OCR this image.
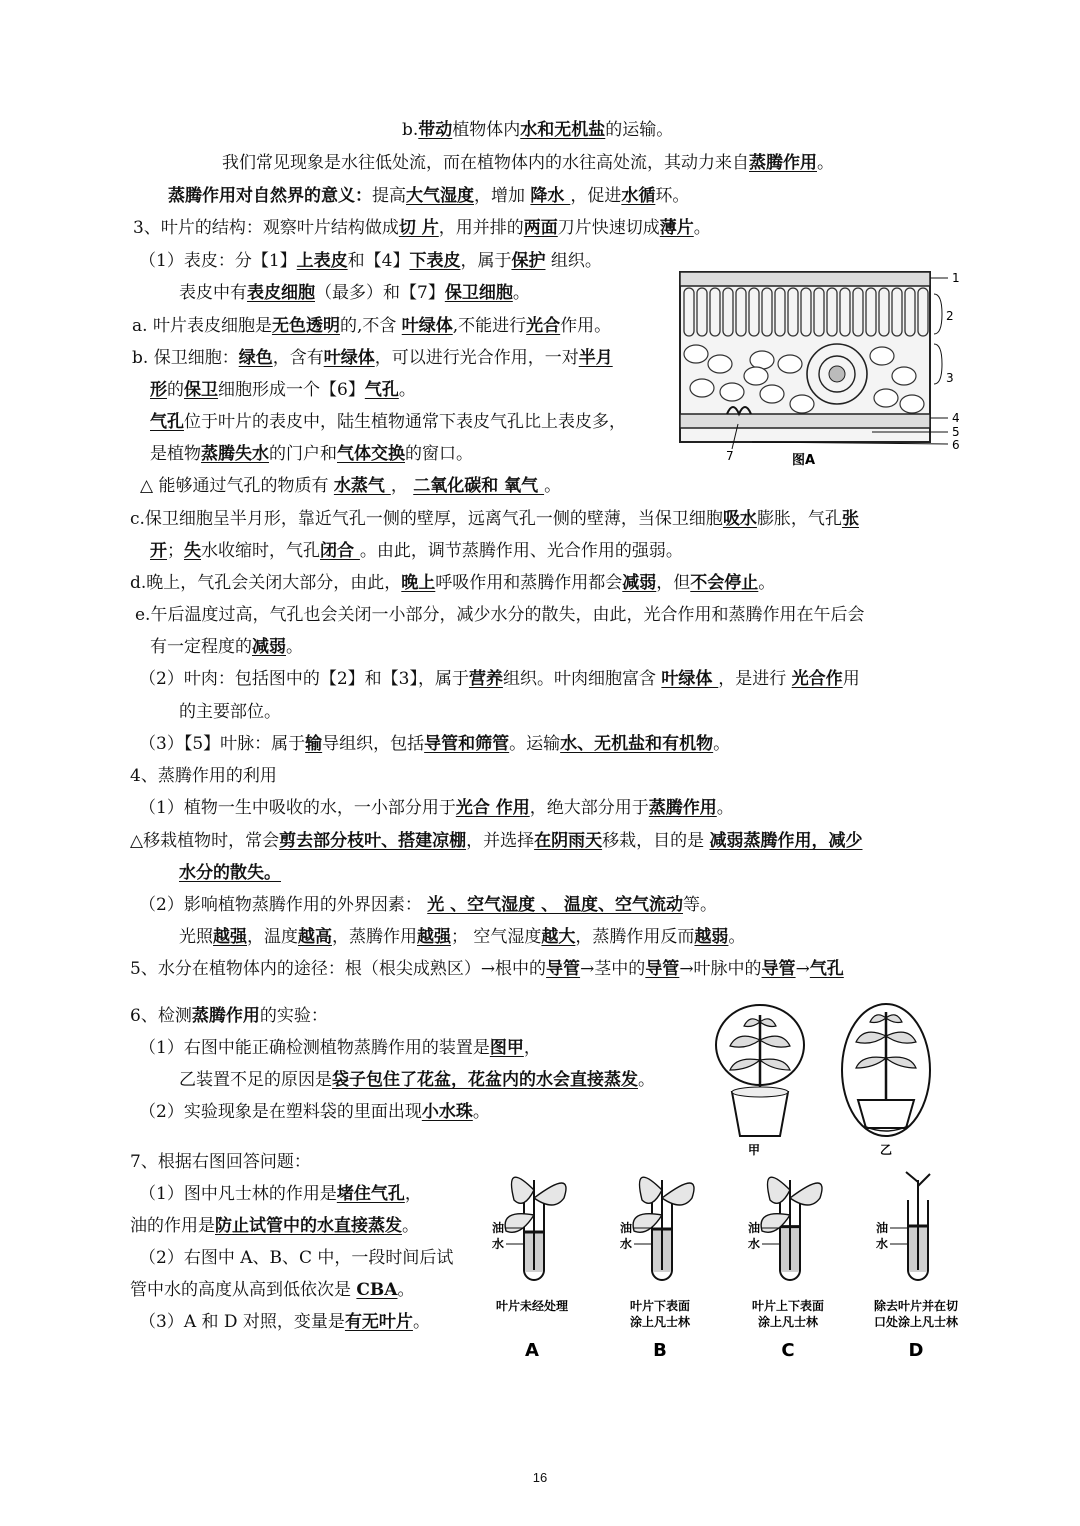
b.带动植物体内水和无机盐的运输。
我们常见现象是水往低处流，而在植物体内的水往高处流，其动力来自蒸腾作用。
蒸腾作用对自然界的意义：提高大气湿度，增加 降水 ，促进水循环。
3、叶片的结构：观察叶片结构做成切 片，用并排的两面刀片快速切成薄片。
（1）表皮：分【1】上表皮和【4】下表皮，属于保护 组织。
表皮中有表皮细胞（最多）和【7】保卫细胞。
a. 叶片表皮细胞是无色透明的,不含 叶绿体,不能进行光合作用。
b. 保卫细胞：绿色，含有叶绿体，可以进行光合作用，一对半月
形的保卫细胞形成一个【6】气孔。
气孔位于叶片的表皮中，陆生植物通常下表皮气孔比上表皮多，
是植物蒸腾失水的门户和气体交换的窗口。
△ 能够通过气孔的物质有 水蒸气 ， 二氧化碳和 氧气 。
c.保卫细胞呈半月形，靠近气孔一侧的壁厚，远离气孔一侧的壁薄，当保卫细胞吸水膨胀，气孔张
开；失水收缩时，气孔闭合 。由此，调节蒸腾作用、光合作用的强弱。
d.晚上，气孔会关闭大部分，由此，晚上呼吸作用和蒸腾作用都会减弱，但不会停止。
e.午后温度过高，气孔也会关闭一小部分，减少水分的散失，由此，光合作用和蒸腾作用在午后会
有一定程度的减弱。
（2）叶肉：包括图中的【2】和【3】，属于营养组织。叶肉细胞富含 叶绿体 ，是进行 光合作用
的主要部位。
（3）【5】叶脉：属于输导组织，包括导管和筛管。运输水、无机盐和有机物。
4、蒸腾作用的利用
（1）植物一生中吸收的水，一小部分用于光合 作用，绝大部分用于蒸腾作用。
△移栽植物时，常会剪去部分枝叶、搭建凉棚，并选择在阴雨天移栽，目的是 减弱蒸腾作用，减少
水分的散失。
（2）影响植物蒸腾作用的外界因素： 光 、空气湿度 、 温度、空气流动等。
光照越强，温度越高，蒸腾作用越强； 空气湿度越大，蒸腾作用反而越弱。
5、水分在植物体内的途径：根（根尖成熟区）→根中的导管→茎中的导管→叶脉中的导管→气孔
6、检测蒸腾作用的实验：
（1）右图中能正确检测植物蒸腾作用的装置是图甲，
乙装置不足的原因是袋子包住了花盆，花盆内的水会直接蒸发。
（2）实验现象是在塑料袋的里面出现小水珠。
7、根据右图回答问题：
（1）图中凡士林的作用是堵住气孔，
油的作用是防止试管中的水直接蒸发。
（2）右图中 A、B、C 中，一段时间后试
管中水的高度从高到低依次是 CBA。
（3）A 和 D 对照，变量是有无叶片。
1
2
3
4
5
6
7	图A
甲	乙
油
水
叶片未经处理
A
油
水
叶片下表面
涂上凡士林
B
油
水
叶片上下表面
涂上凡士林
C
油
水
除去叶片并在切
口处涂上凡士林
D
16
